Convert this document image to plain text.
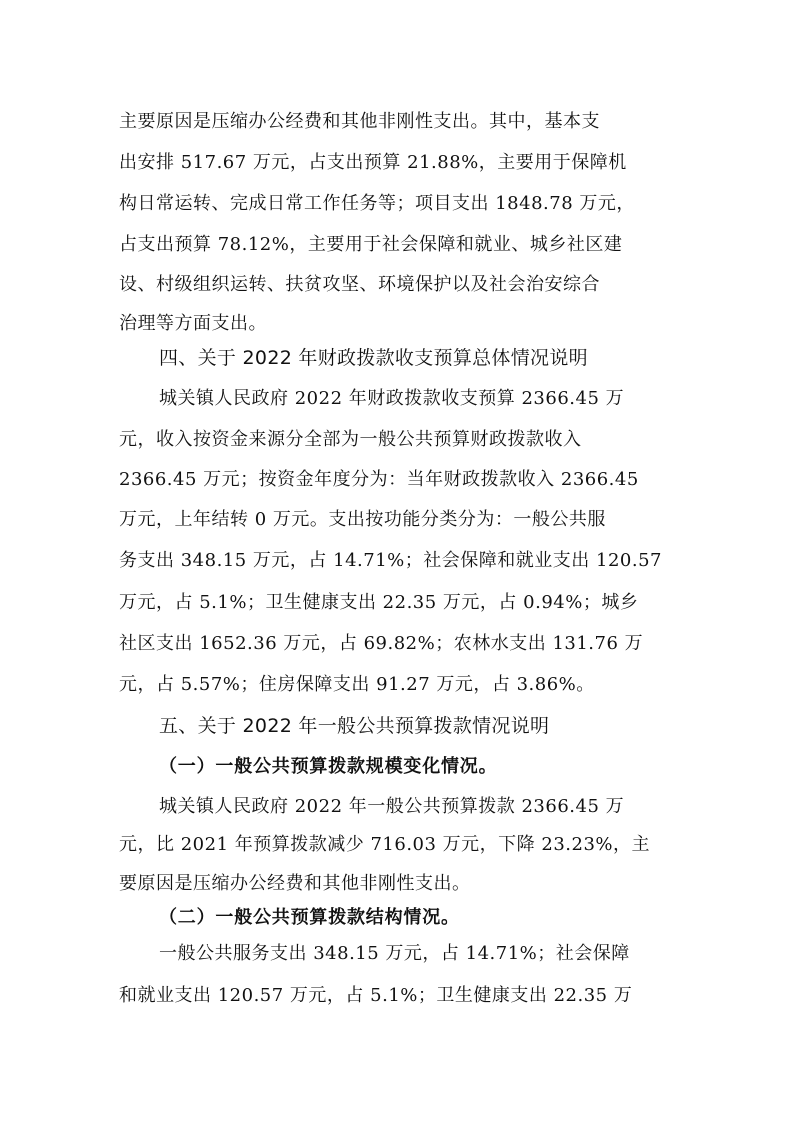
主要原因是压缩办公经费和其他非刚性支出。其中，基本支
出安排 517.67 万元，占支出预算 21.88%，主要用于保障机
构日常运转、完成日常工作任务等；项目支出 1848.78 万元，
占支出预算 78.12%，主要用于社会保障和就业、城乡社区建
设、村级组织运转、扶贫攻坚、环境保护以及社会治安综合
治理等方面支出。
四、关于 2022 年财政拨款收支预算总体情况说明
城关镇人民政府 2022 年财政拨款收支预算 2366.45 万
元，收入按资金来源分全部为一般公共预算财政拨款收入
2366.45 万元；按资金年度分为：当年财政拨款收入 2366.45
万元，上年结转 0 万元。支出按功能分类分为：一般公共服
务支出 348.15 万元，占 14.71%；社会保障和就业支出 120.57
万元，占 5.1%；卫生健康支出 22.35 万元，占 0.94%；城乡
社区支出 1652.36 万元，占 69.82%；农林水支出 131.76 万
元，占 5.57%；住房保障支出 91.27 万元，占 3.86%。
五、关于 2022 年一般公共预算拨款情况说明
（一）一般公共预算拨款规模变化情况。
城关镇人民政府 2022 年一般公共预算拨款 2366.45 万
元，比 2021 年预算拨款减少 716.03 万元，下降 23.23%，主
要原因是压缩办公经费和其他非刚性支出。
（二）一般公共预算拨款结构情况。
一般公共服务支出 348.15 万元，占 14.71%；社会保障
和就业支出 120.57 万元，占 5.1%；卫生健康支出 22.35 万
